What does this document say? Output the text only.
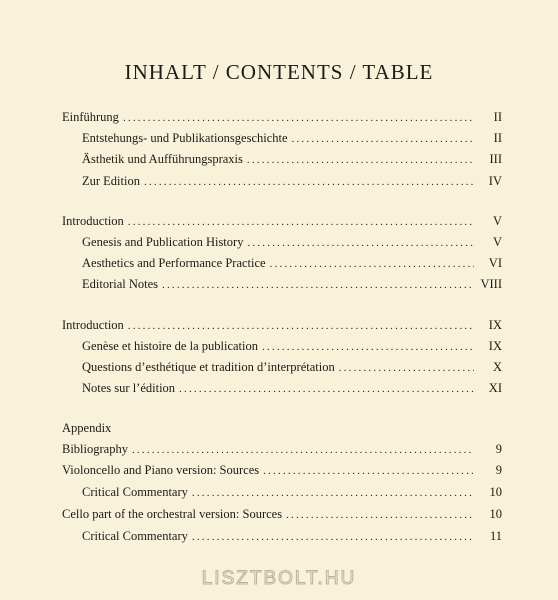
INHALT / CONTENTS / TABLE
Einführung .....	II
Entstehungs- und Publikationsgeschichte .....	II
Ästhetik und Aufführungspraxis .....	III
Zur Edition .....	IV
Introduction .....	V
Genesis and Publication History .....	V
Aesthetics and Performance Practice .....	VI
Editorial Notes .....	VIII
Introduction .....	IX
Genèse et histoire de la publication .....	IX
Questions d’esthétique et tradition d’interprétation .....	X
Notes sur l’édition .....	XI
Appendix
Bibliography .....	9
Violoncello and Piano version: Sources .....	9
Critical Commentary .....	10
Cello part of the orchestral version: Sources .....	10
Critical Commentary .....	11
LISZTBOLT.HU
